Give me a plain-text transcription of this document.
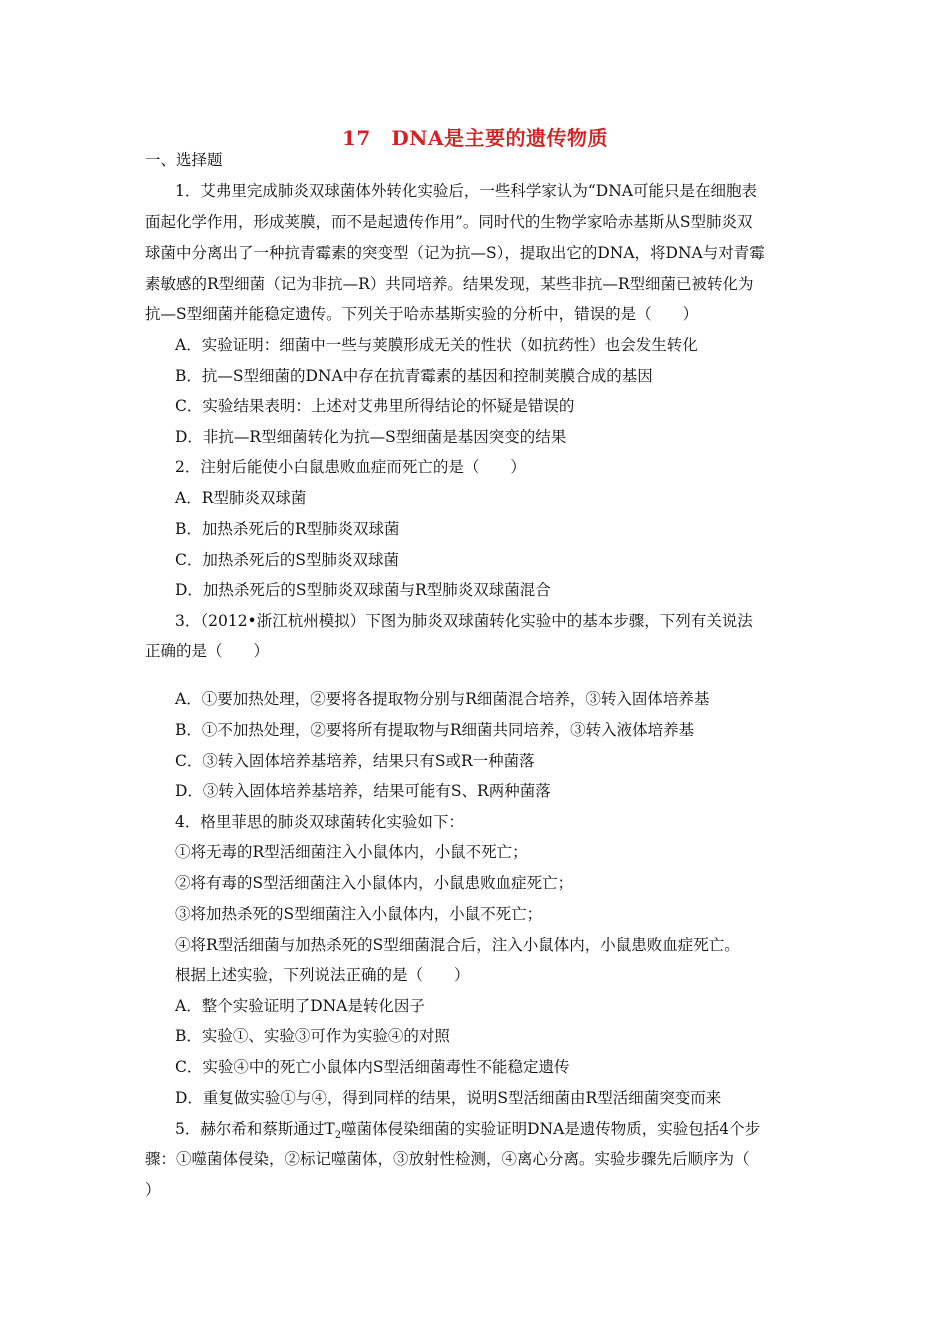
17　DNA是主要的遗传物质
一、选择题
1．艾弗里完成肺炎双球菌体外转化实验后，一些科学家认为“DNA可能只是在细胞表
面起化学作用，形成荚膜，而不是起遗传作用”。同时代的生物学家哈赤基斯从S型肺炎双
球菌中分离出了一种抗青霉素的突变型（记为抗—S），提取出它的DNA，将DNA与对青霉
素敏感的R型细菌（记为非抗—R）共同培养。结果发现，某些非抗—R型细菌已被转化为
抗—S型细菌并能稳定遗传。下列关于哈赤基斯实验的分析中，错误的是（　　）
A．实验证明：细菌中一些与荚膜形成无关的性状（如抗药性）也会发生转化
B．抗—S型细菌的DNA中存在抗青霉素的基因和控制荚膜合成的基因
C．实验结果表明：上述对艾弗里所得结论的怀疑是错误的
D．非抗—R型细菌转化为抗—S型细菌是基因突变的结果
2．注射后能使小白鼠患败血症而死亡的是（　　）
A．R型肺炎双球菌
B．加热杀死后的R型肺炎双球菌
C．加热杀死后的S型肺炎双球菌
D．加热杀死后的S型肺炎双球菌与R型肺炎双球菌混合
3．（2012•浙江杭州模拟）下图为肺炎双球菌转化实验中的基本步骤，下列有关说法
正确的是（　　）
A．①要加热处理，②要将各提取物分别与R细菌混合培养，③转入固体培养基
B．①不加热处理，②要将所有提取物与R细菌共同培养，③转入液体培养基
C．③转入固体培养基培养，结果只有S或R一种菌落
D．③转入固体培养基培养，结果可能有S、R两种菌落
4．格里菲思的肺炎双球菌转化实验如下：
①将无毒的R型活细菌注入小鼠体内，小鼠不死亡；
②将有毒的S型活细菌注入小鼠体内，小鼠患败血症死亡；
③将加热杀死的S型细菌注入小鼠体内，小鼠不死亡；
④将R型活细菌与加热杀死的S型细菌混合后，注入小鼠体内，小鼠患败血症死亡。
根据上述实验，下列说法正确的是（　　）
A．整个实验证明了DNA是转化因子
B．实验①、实验③可作为实验④的对照
C．实验④中的死亡小鼠体内S型活细菌毒性不能稳定遗传
D．重复做实验①与④，得到同样的结果，说明S型活细菌由R型活细菌突变而来
5．赫尔希和蔡斯通过$T_2$噬菌体侵染细菌的实验证明DNA是遗传物质，实验包括4个步
骤：①噬菌体侵染，②标记噬菌体，③放射性检测，④离心分离。实验步骤先后顺序为（
）
